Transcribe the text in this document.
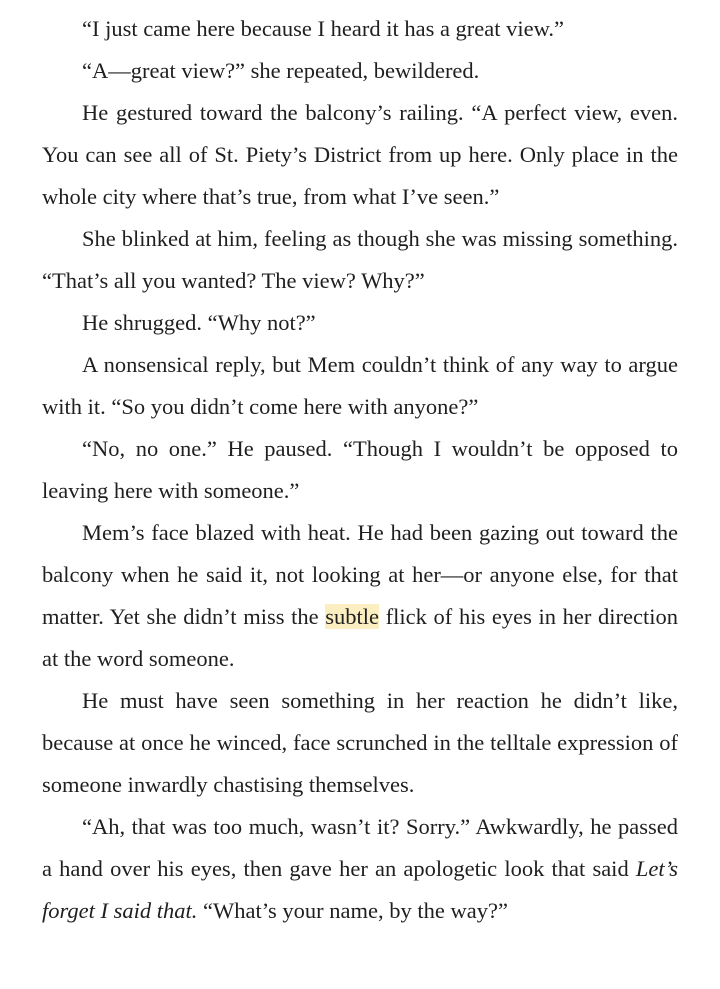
“I just came here because I heard it has a great view.”

“A—great view?” she repeated, bewildered.

He gestured toward the balcony’s railing. “A perfect view, even. You can see all of St. Piety’s District from up here. Only place in the whole city where that’s true, from what I’ve seen.”

She blinked at him, feeling as though she was missing something. “That’s all you wanted? The view? Why?”

He shrugged. “Why not?”

A nonsensical reply, but Mem couldn’t think of any way to argue with it. “So you didn’t come here with anyone?”

“No, no one.” He paused. “Though I wouldn’t be opposed to leaving here with someone.”

Mem’s face blazed with heat. He had been gazing out toward the balcony when he said it, not looking at her—or anyone else, for that matter. Yet she didn’t miss the subtle flick of his eyes in her direction at the word someone.

He must have seen something in her reaction he didn’t like, because at once he winced, face scrunched in the telltale expression of someone inwardly chastising themselves.

“Ah, that was too much, wasn’t it? Sorry.” Awkwardly, he passed a hand over his eyes, then gave her an apologetic look that said Let’s forget I said that. “What’s your name, by the way?”
